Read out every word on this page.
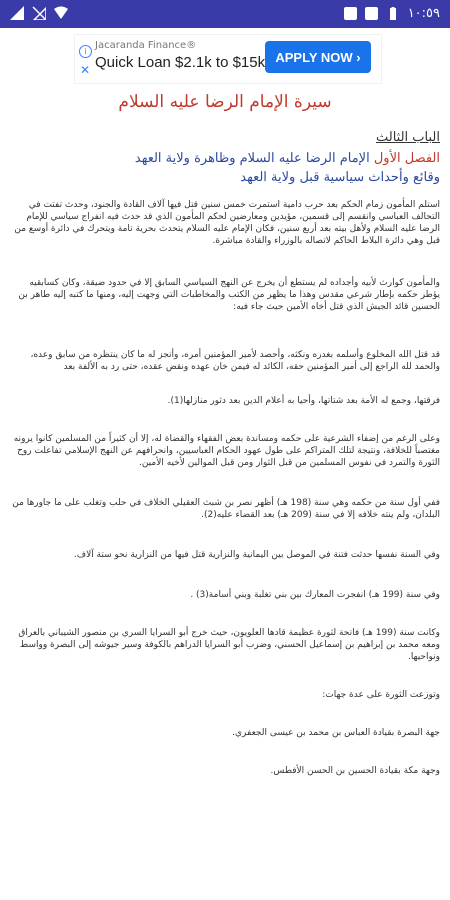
١٠:٥٩
i
✕
Jacaranda Finance®
Quick Loan $2.1k to $15k APPLY NOW ›
سيرة الإمام الرضا عليه السلام
الباب الثالث
الفصل الأول الإمام الرضا عليه السلام وظاهرة ولاية العهد
وقائع وأحداث سياسية قبل ولاية العهد

استلم المأمون زمام الحكم بعد حرب دامية استمرت خمس سنين قتل فيها آلاف القادة والجنود، وحدث تفتت في التحالف العباسي وانقسم إلى قسمين، مؤيدين ومعارضين لحكم المأمون الذي قد حدث فيه انفراج سياسي للإمام الرضا عليه السلام ولأهل بيته بعد أربع سنين، فكان الإمام عليه السلام يتحدث بحرية تامة ويتحرك في دائرة أوسع من قبل وهي دائرة البلاط الحاكم لاتصاله بالوزراء والقادة مباشرة.

والمأمون كوارث لأبيه وأجداده لم يستطع أن يخرج عن النهج السياسي السابق إلا في حدود ضيقة، وكان كسابقيه يؤطر حكمه بإطار شرعي مقدس وهذا ما يظهر من الكتب والمخاطبات التي وجهت إليه، ومنها ما كتبه إليه طاهر بن الحسين قائد الجيش الذي قتل أخاه الأمين حيث جاء فيه:

قد قتل الله المخلوع وأسلمه بغدره ونكثه، وأحصد لأمير المؤمنين أمره، وأنجز له ما كان ينتظره من سابق وعده، والحمد لله الراجع إلى أمير المؤمنين حقه، الكائد له فيمن خان عهده ونقض عقده، حتى رد به الألفة بعد

فرقتها، وجمع له الأمة بعد شتاتها، وأحيا به أعلام الدين بعد دثور منازلها(1).

وعلى الرغم من إضفاء الشرعية على حكمه ومساندة بعض الفقهاء والقضاة له، إلا أن كثيراً من المسلمين كانوا يرونه مغتصباً للخلافة، ونتيجة لتلك المتراكم على طول عهود الحكام العباسيين، وانحرافهم عن النهج الإسلامي تفاعلت روح الثورة والتمرد في نفوس المسلمين من قبل الثوار ومن قبل الموالين لأخيه الأمين.

ففي أول سنة من حكمه وهي سنة (198 هـ) أظهر نصر بن شبث العقيلي الخلاف في حلب وتغلب على ما جاورها من البلدان، ولم ينته خلافه إلا في سنة (209 هـ) بعد القضاء عليه(2).

وفي السنة نفسها حدثت فتنة في الموصل بين اليمانية والنزارية قتل فيها من النزارية نحو ستة آلاف.

وفي سنة (199 هـ) انفجرت المعارك بين بني تغلبة وبني أسامة(3) .

وكانت سنة (199 هـ) فاتحة لثورة عظيمة قادها العلويون، حيث خرج أبو السرايا السري بن منصور الشيباني بالعراق ومعه محمد بن إبراهيم بن إسماعيل الحسني، وضرب أبو السرايا الدراهم بالكوفة وسير جيوشه إلى البصرة وواسط ونواحيها.

وتوزعت الثورة على عدة جهات:

جهة البصرة بقيادة العباس بن محمد بن عيسى الجعفري.

وجهة مكة بقيادة الحسين بن الحسن الأفطس.
